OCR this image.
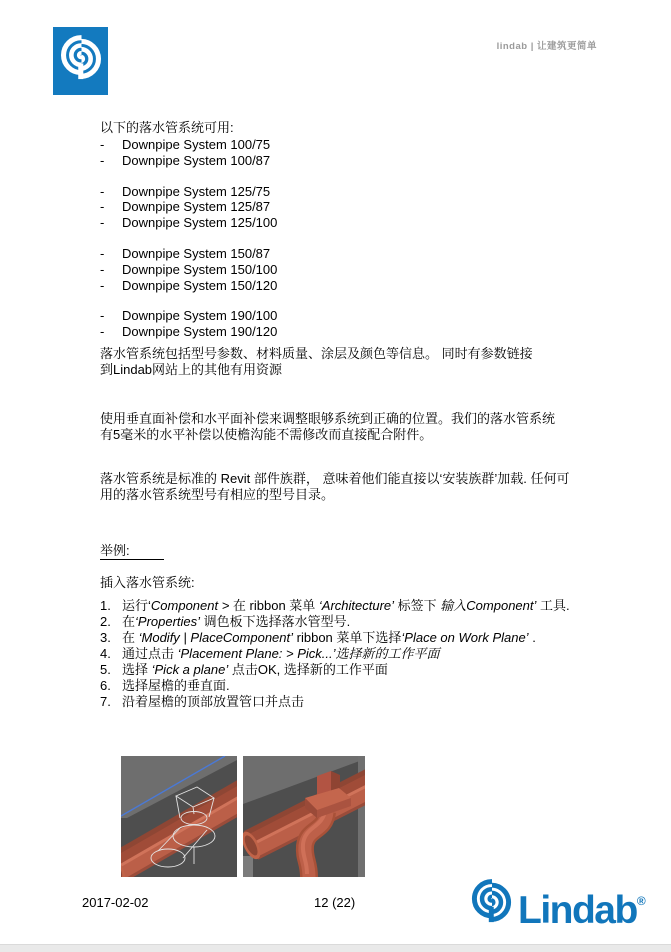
lindab | 让建筑更简单
以下的落水管系统可用:
-	Downpipe System 100/75
-	Downpipe System 100/87
-	Downpipe System 125/75
-	Downpipe System 125/87
-	Downpipe System 125/100
-	Downpipe System 150/87
-	Downpipe System 150/100
-	Downpipe System 150/120
-	Downpipe System 190/100
-	Downpipe System 190/120
落水管系统包括型号参数、材料质量、涂层及颜色等信息。 同时有参数链接
到Lindab网站上的其他有用资源
使用垂直面补偿和水平面补偿来调整眼够系统到正确的位置。我们的落水管系统
有5毫米的水平补偿以使檐沟能不需修改而直接配合附件。
落水管系统是标准的 Revit 部件族群， 意味着他们能直接以‘安装族群’加载. 任何可
用的落水管系统型号有相应的型号目录。
举例:
插入落水管系统:
1. 运行‘Component > 在 ribbon 菜单 ‘Architecture’ 标签下 输入Component’ 工具.
2. 在‘Properties’ 调色板下选择落水管型号.
3. 在 ‘Modify | PlaceComponent’ ribbon 菜单下选择‘Place on Work Plane’ .
4. 通过点击 ‘Placement Plane: > Pick...’选择新的工作平面
5. 选择 ‘Pick a plane’ 点击OK, 选择新的工作平面
6. 选择屋檐的垂直面.
7. 沿着屋檐的顶部放置管口并点击
2017-02-02	12 (22)	Lindab®
